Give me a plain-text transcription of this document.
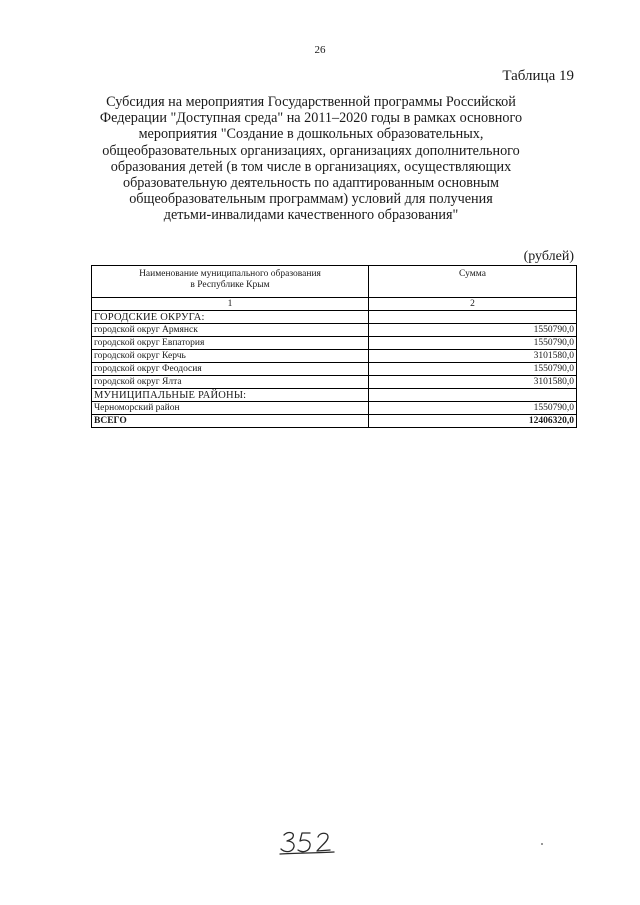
26
Таблица 19
Субсидия на мероприятия Государственной программы Российской
Федерации "Доступная среда" на 2011–2020 годы в рамках основного
мероприятия "Создание в дошкольных образовательных,
общеобразовательных организациях, организациях дополнительного
образования детей (в том числе в организациях, осуществляющих
образовательную деятельность по адаптированным основным
общеобразовательным программам) условий для получения
детьми-инвалидами качественного образования"
(рублей)
Наименование муниципального образования
в Республике Крым	Сумма
1	2
ГОРОДСКИЕ ОКРУГА:	
городской округ Армянск	1550790,0
городской округ Евпатория	1550790,0
городской округ Керчь	3101580,0
городской округ Феодосия	1550790,0
городской округ Ялта	3101580,0
МУНИЦИПАЛЬНЫЕ РАЙОНЫ:	
Черноморский район	1550790,0
ВСЕГО	12406320,0
